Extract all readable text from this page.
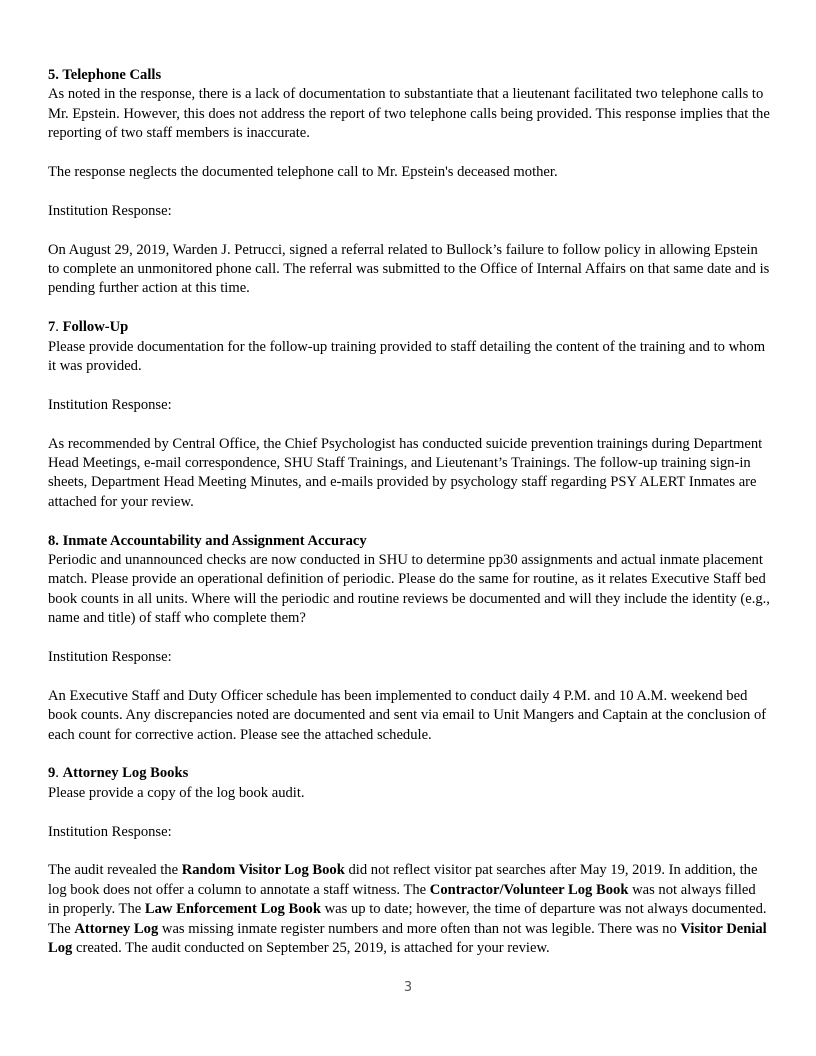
5. Telephone Calls

As noted in the response, there is a lack of documentation to substantiate that a lieutenant facilitated two telephone calls to Mr. Epstein. However, this does not address the report of two telephone calls being provided. This response implies that the reporting of two staff members is inaccurate.

The response neglects the documented telephone call to Mr. Epstein's deceased mother.

Institution Response:

On August 29, 2019, Warden J. Petrucci, signed a referral related to Bullock’s failure to follow policy in allowing Epstein to complete an unmonitored phone call. The referral was submitted to the Office of Internal Affairs on that same date and is pending further action at this time.

7. Follow-Up

Please provide documentation for the follow-up training provided to staff detailing the content of the training and to whom it was provided.

Institution Response:

As recommended by Central Office, the Chief Psychologist has conducted suicide prevention trainings during Department Head Meetings, e-mail correspondence, SHU Staff Trainings, and Lieutenant’s Trainings. The follow-up training sign-in sheets, Department Head Meeting Minutes, and e-mails provided by psychology staff regarding PSY ALERT Inmates are attached for your review.

8. Inmate Accountability and Assignment Accuracy

Periodic and unannounced checks are now conducted in SHU to determine pp30 assignments and actual inmate placement match. Please provide an operational definition of periodic. Please do the same for routine, as it relates Executive Staff bed book counts in all units. Where will the periodic and routine reviews be documented and will they include the identity (e.g., name and title) of staff who complete them?

Institution Response:

An Executive Staff and Duty Officer schedule has been implemented to conduct daily 4 P.M. and 10 A.M. weekend bed book counts. Any discrepancies noted are documented and sent via email to Unit Mangers and Captain at the conclusion of each count for corrective action. Please see the attached schedule.

9. Attorney Log Books

Please provide a copy of the log book audit.

Institution Response:

The audit revealed the Random Visitor Log Book did not reflect visitor pat searches after May 19, 2019. In addition, the log book does not offer a column to annotate a staff witness. The Contractor/Volunteer Log Book was not always filled in properly. The Law Enforcement Log Book was up to date; however, the time of departure was not always documented. The Attorney Log was missing inmate register numbers and more often than not was legible. There was no Visitor Denial Log created. The audit conducted on September 25, 2019, is attached for your review.

3
